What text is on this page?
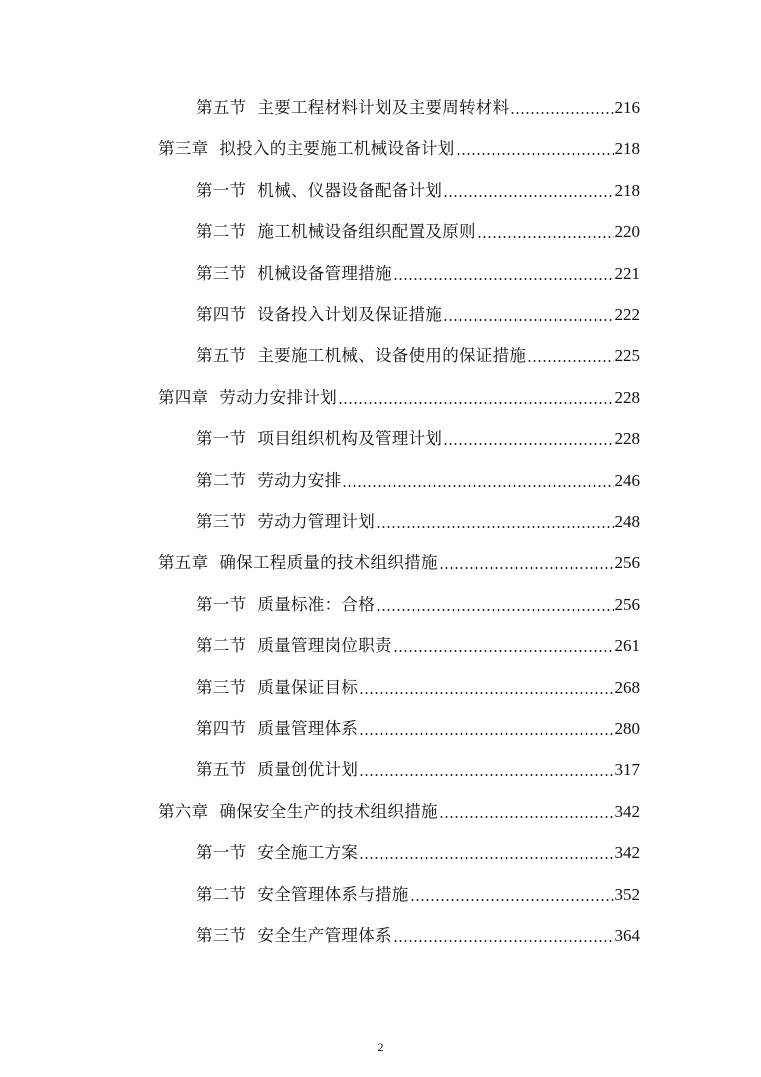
第五节 主要工程材料计划及主要周转材料	216
第三章 拟投入的主要施工机械设备计划	218
第一节 机械、仪器设备配备计划	218
第二节 施工机械设备组织配置及原则	220
第三节 机械设备管理措施	221
第四节 设备投入计划及保证措施	222
第五节 主要施工机械、设备使用的保证措施	225
第四章 劳动力安排计划	228
第一节 项目组织机构及管理计划	228
第二节 劳动力安排	246
第三节 劳动力管理计划	248
第五章 确保工程质量的技术组织措施	256
第一节 质量标准：合格	256
第二节 质量管理岗位职责	261
第三节 质量保证目标	268
第四节 质量管理体系	280
第五节 质量创优计划	317
第六章 确保安全生产的技术组织措施	342
第一节 安全施工方案	342
第二节 安全管理体系与措施	352
第三节 安全生产管理体系	364
2
